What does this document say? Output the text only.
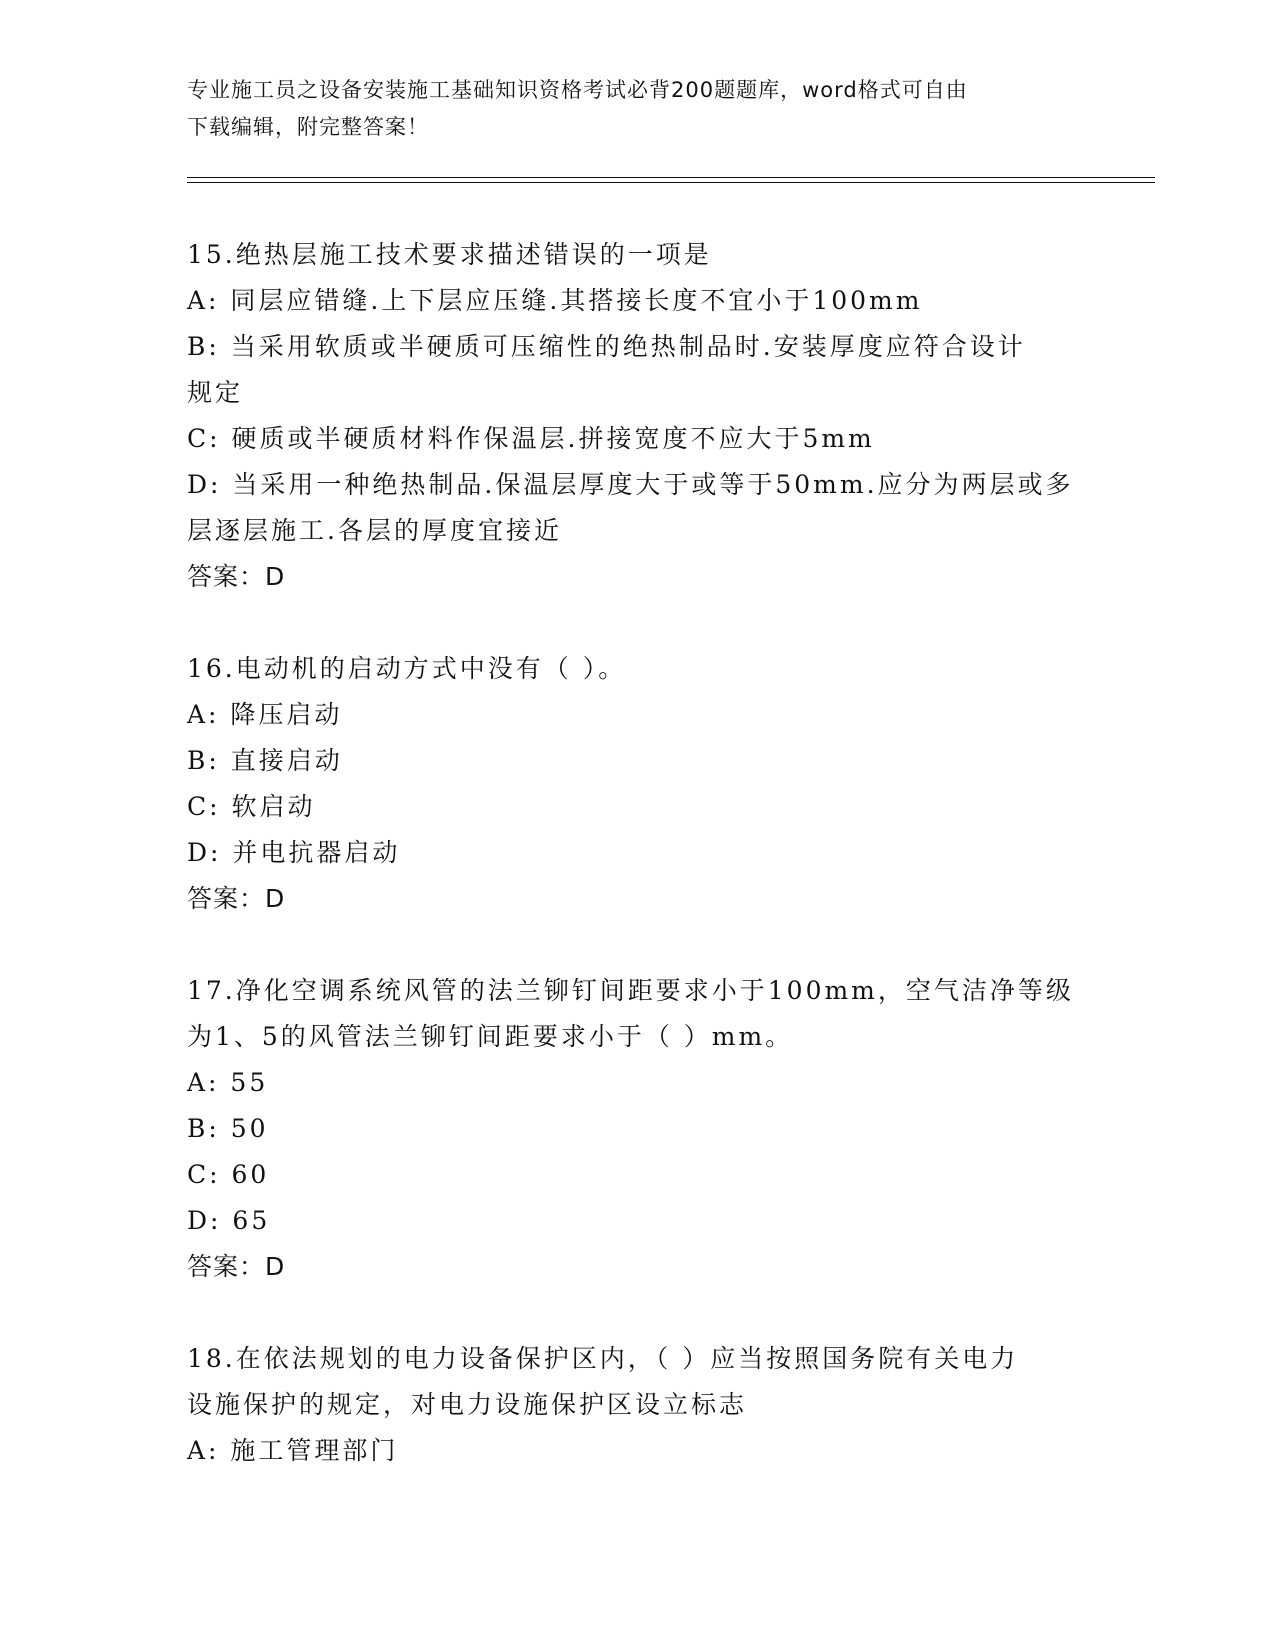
专业施工员之设备安装施工基础知识资格考试必背200题题库，word格式可自由
下载编辑，附完整答案！

15.绝热层施工技术要求描述错误的一项是

A: 同层应错缝.上下层应压缝.其搭接长度不宜小于100mm

B: 当采用软质或半硬质可压缩性的绝热制品时.安装厚度应符合设计

规定

C: 硬质或半硬质材料作保温层.拼接宽度不应大于5mm

D: 当采用一种绝热制品.保温层厚度大于或等于50mm.应分为两层或多

层逐层施工.各层的厚度宜接近

答案：D

16.电动机的启动方式中没有（ ）。

A: 降压启动

B: 直接启动

C: 软启动

D: 并电抗器启动

答案：D

17.净化空调系统风管的法兰铆钉间距要求小于100mm，空气洁净等级

为1、5的风管法兰铆钉间距要求小于（ ）mm。

A: 55

B: 50

C: 60

D: 65

答案：D

18.在依法规划的电力设备保护区内，（ ）应当按照国务院有关电力

设施保护的规定，对电力设施保护区设立标志

A: 施工管理部门
